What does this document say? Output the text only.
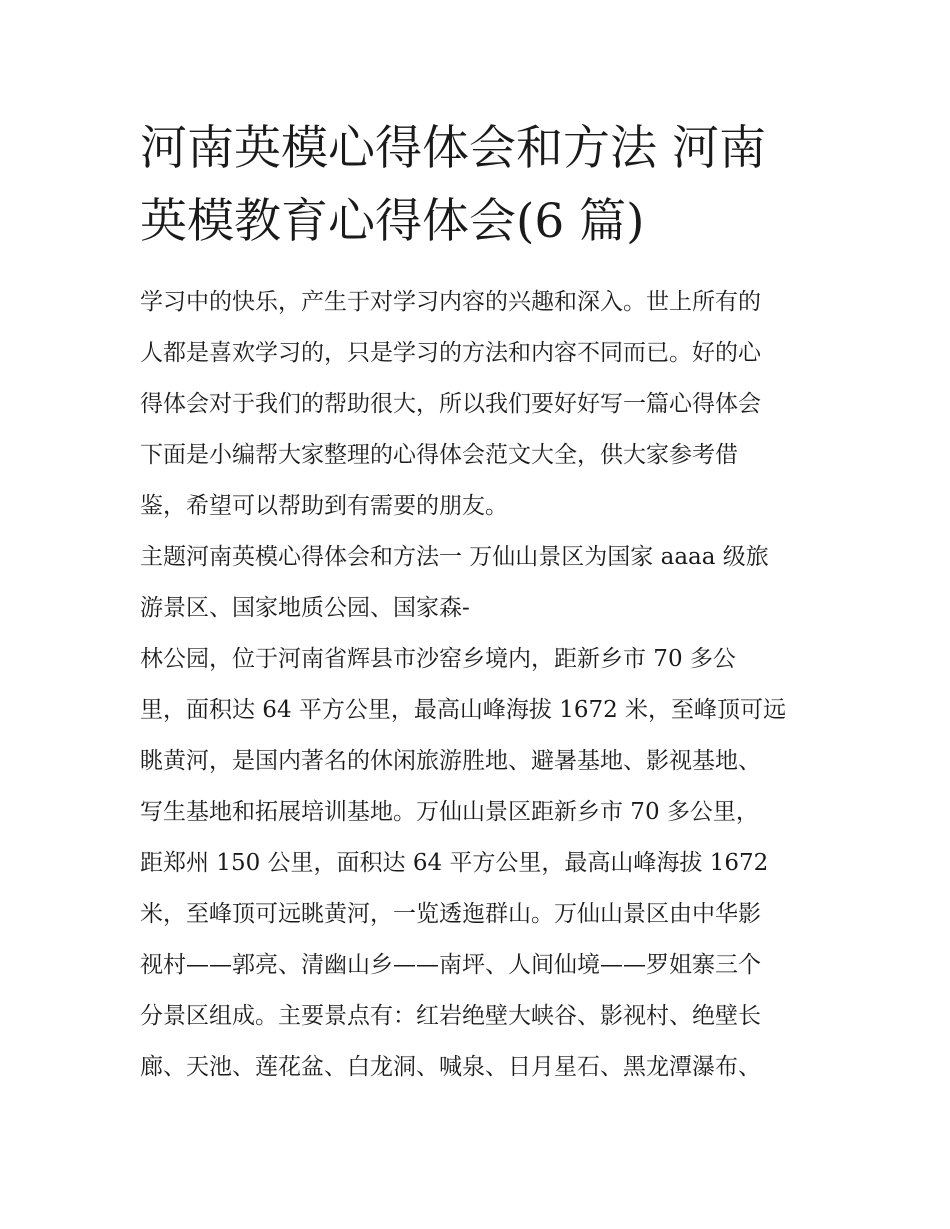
河南英模心得体会和方法 河南
英模教育心得体会(6 篇)
学习中的快乐，产生于对学习内容的兴趣和深入。世上所有的
人都是喜欢学习的，只是学习的方法和内容不同而已。好的心
得体会对于我们的帮助很大，所以我们要好好写一篇心得体会
下面是小编帮大家整理的心得体会范文大全，供大家参考借
鉴，希望可以帮助到有需要的朋友。
主题河南英模心得体会和方法一 万仙山景区为国家 aaaa 级旅
游景区、国家地质公园、国家森-
林公园，位于河南省辉县市沙窑乡境内，距新乡市 70 多公
里，面积达 64 平方公里，最高山峰海拔 1672 米，至峰顶可远
眺黄河，是国内著名的休闲旅游胜地、避暑基地、影视基地、
写生基地和拓展培训基地。万仙山景区距新乡市 70 多公里，
距郑州 150 公里，面积达 64 平方公里，最高山峰海拔 1672
米，至峰顶可远眺黄河，一览透迤群山。万仙山景区由中华影
视村——郭亮、清幽山乡——南坪、人间仙境——罗姐寨三个
分景区组成。主要景点有：红岩绝壁大峡谷、影视村、绝壁长
廊、天池、莲花盆、白龙洞、喊泉、日月星石、黑龙潭瀑布、
